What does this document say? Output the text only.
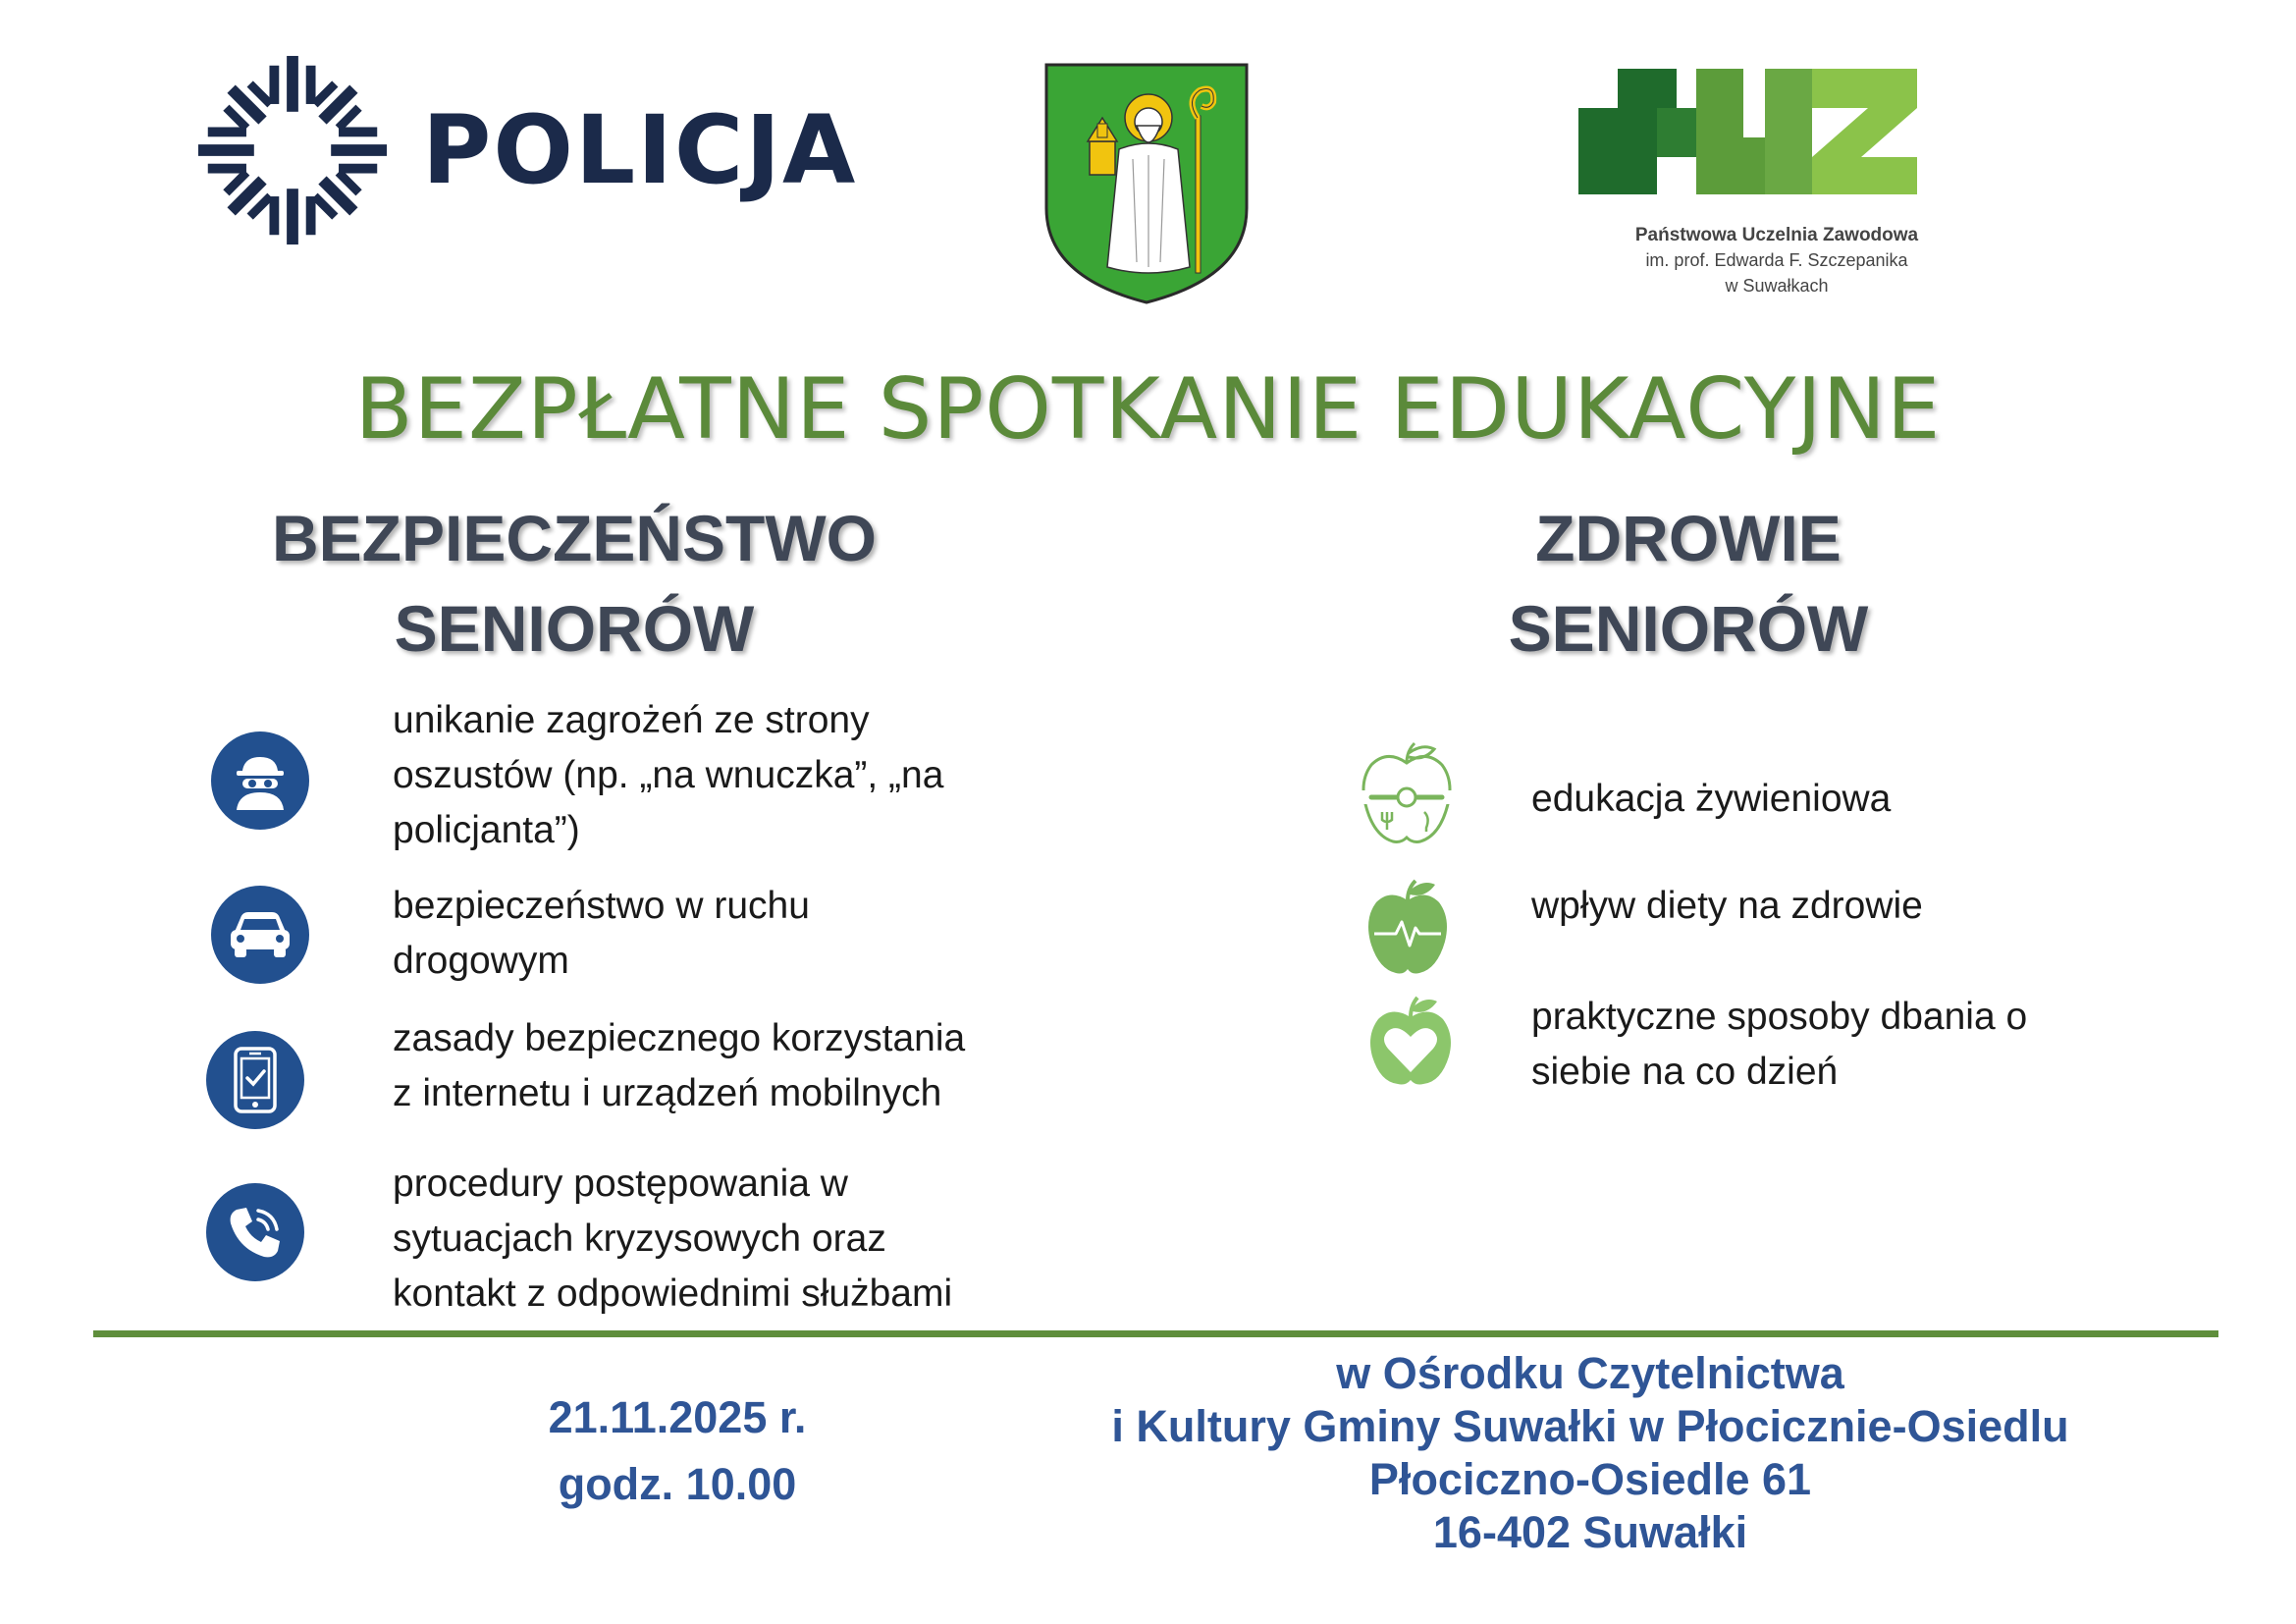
POLICJA
Państwowa Uczelnia Zawodowa
im. prof. Edwarda F. Szczepanika
w Suwałkach
BEZPŁATNE SPOTKANIE EDUKACYJNE
BEZPIECZEŃSTWO
SENIORÓW
ZDROWIE
SENIORÓW
unikanie zagrożeń ze strony
oszustów (np. „na wnuczka”, „na
policjanta”)
bezpieczeństwo w ruchu
drogowym
zasady bezpiecznego korzystania
z internetu i urządzeń mobilnych
procedury postępowania w
sytuacjach kryzysowych oraz
kontakt z odpowiednimi służbami
edukacja żywieniowa
wpływ diety na zdrowie
praktyczne sposoby dbania o
siebie na co dzień
21.11.2025 r.
godz. 10.00
w Ośrodku Czytelnictwa
i Kultury Gminy Suwałki w Płocicznie-Osiedlu
Płociczno-Osiedle 61
16-402 Suwałki
